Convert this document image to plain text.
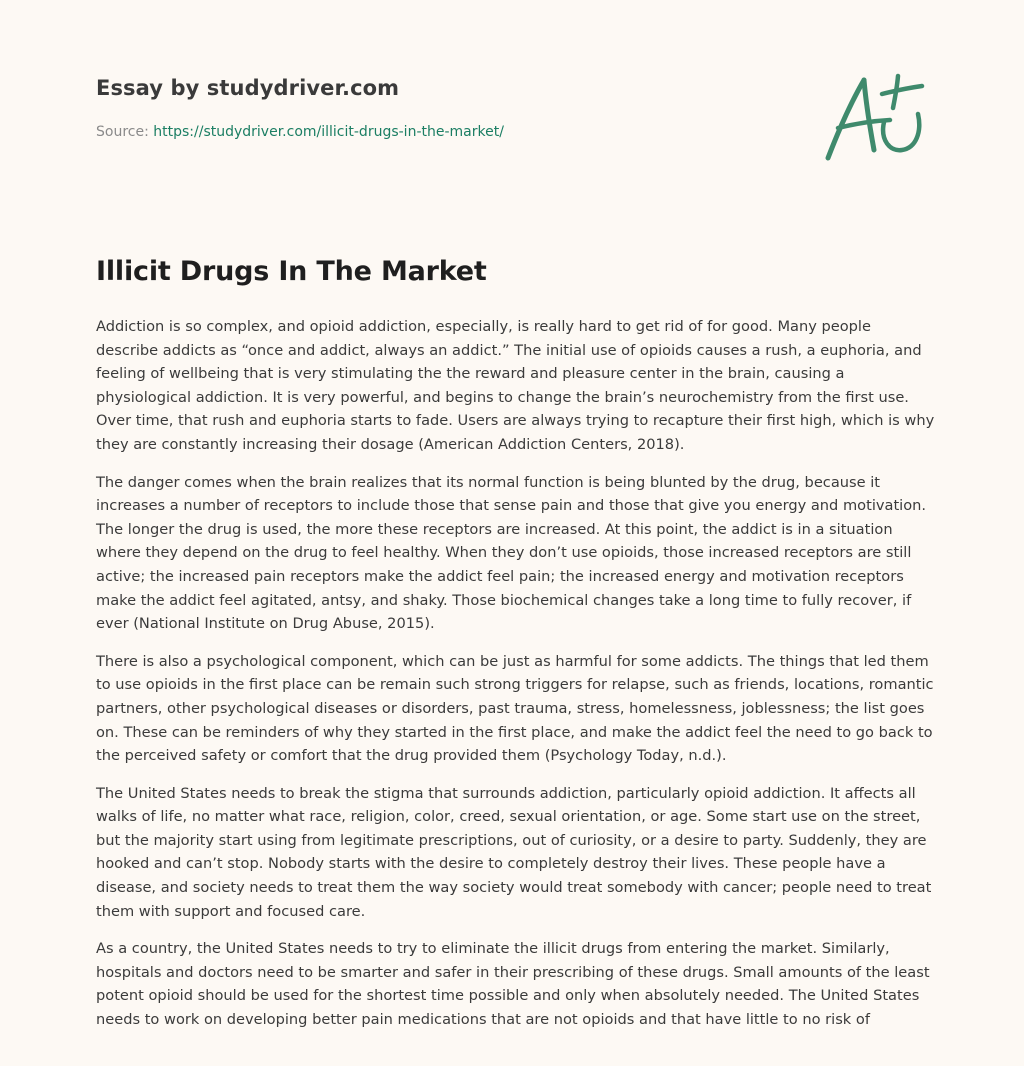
Essay by studydriver.com

Source: https://studydriver.com/illicit-drugs-in-the-market/

Illicit Drugs In The Market

Addiction is so complex, and opioid addiction, especially, is really hard to get rid of for good. Many people describe addicts as “once and addict, always an addict.” The initial use of opioids causes a rush, a euphoria, and feeling of wellbeing that is very stimulating the the reward and pleasure center in the brain, causing a physiological addiction. It is very powerful, and begins to change the brain’s neurochemistry from the first use. Over time, that rush and euphoria starts to fade. Users are always trying to recapture their first high, which is why they are constantly increasing their dosage (American Addiction Centers, 2018).

The danger comes when the brain realizes that its normal function is being blunted by the drug, because it increases a number of receptors to include those that sense pain and those that give you energy and motivation. The longer the drug is used, the more these receptors are increased. At this point, the addict is in a situation where they depend on the drug to feel healthy. When they don’t use opioids, those increased receptors are still active; the increased pain receptors make the addict feel pain; the increased energy and motivation receptors make the addict feel agitated, antsy, and shaky. Those biochemical changes take a long time to fully recover, if ever (National Institute on Drug Abuse, 2015).

There is also a psychological component, which can be just as harmful for some addicts. The things that led them to use opioids in the first place can be remain such strong triggers for relapse, such as friends, locations, romantic partners, other psychological diseases or disorders, past trauma, stress, homelessness, joblessness; the list goes on. These can be reminders of why they started in the first place, and make the addict feel the need to go back to the perceived safety or comfort that the drug provided them (Psychology Today, n.d.).

The United States needs to break the stigma that surrounds addiction, particularly opioid addiction. It affects all walks of life, no matter what race, religion, color, creed, sexual orientation, or age. Some start use on the street, but the majority start using from legitimate prescriptions, out of curiosity, or a desire to party. Suddenly, they are hooked and can’t stop. Nobody starts with the desire to completely destroy their lives. These people have a disease, and society needs to treat them the way society would treat somebody with cancer; people need to treat them with support and focused care.

As a country, the United States needs to try to eliminate the illicit drugs from entering the market. Similarly, hospitals and doctors need to be smarter and safer in their prescribing of these drugs. Small amounts of the least potent opioid should be used for the shortest time possible and only when absolutely needed. The United States needs to work on developing better pain medications that are not opioids and that have little to no risk of
